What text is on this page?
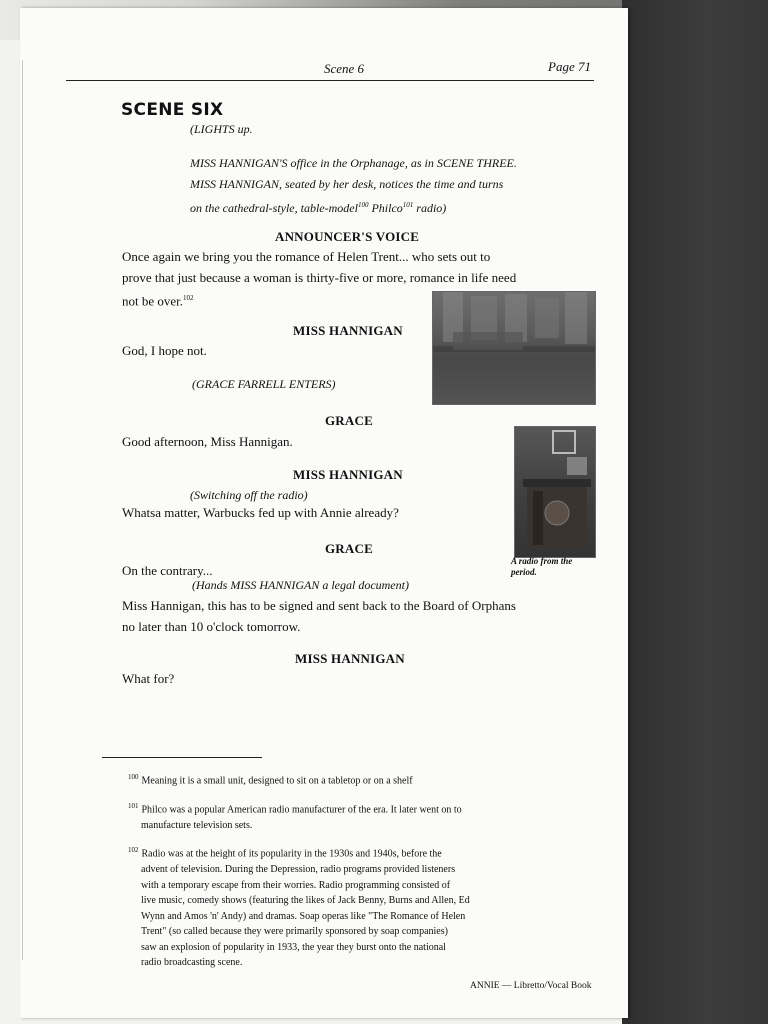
Scene 6	Page 71
SCENE SIX
(LIGHTS up.
MISS HANNIGAN'S office in the Orphanage, as in SCENE THREE.
MISS HANNIGAN, seated by her desk, notices the time and turns
on the cathedral-style, table-model$^{100}$ Philco$^{101}$ radio)
ANNOUNCER'S VOICE
Once again we bring you the romance of Helen Trent... who sets out to
prove that just because a woman is thirty-five or more, romance in life need
not be over.$^{102}$
MISS HANNIGAN
God, I hope not.
(GRACE FARRELL ENTERS)
GRACE
Good afternoon, Miss Hannigan.
MISS HANNIGAN
(Switching off the radio)
Whatsa matter, Warbucks fed up with Annie already?
A radio from the period.
GRACE
On the contrary...
(Hands MISS HANNIGAN a legal document)
Miss Hannigan, this has to be signed and sent back to the Board of Orphans
no later than 10 o'clock tomorrow.
MISS HANNIGAN
What for?
$^{100}$ Meaning it is a small unit, designed to sit on a tabletop or on a shelf
$^{101}$ Philco was a popular American radio manufacturer of the era. It later went on to
manufacture television sets.
$^{102}$ Radio was at the height of its popularity in the 1930s and 1940s, before the
advent of television. During the Depression, radio programs provided listeners
with a temporary escape from their worries. Radio programming consisted of
live music, comedy shows (featuring the likes of Jack Benny, Burns and Allen, Ed
Wynn and Amos 'n' Andy) and dramas. Soap operas like "The Romance of Helen
Trent" (so called because they were primarily sponsored by soap companies)
saw an explosion of popularity in 1933, the year they burst onto the national
radio broadcasting scene.
ANNIE — Libretto/Vocal Book
